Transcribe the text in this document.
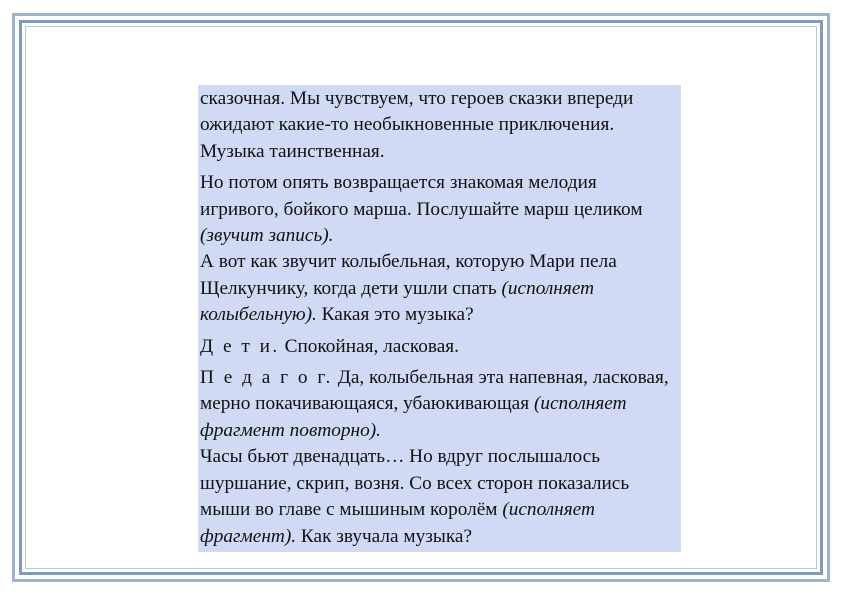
сказочная. Мы чувствуем, что героев сказки впереди ожидают какие-то необыкновенные приключения. Музыка таинственная.

Но потом опять возвращается знакомая мелодия игривого, бойкого марша. Послушайте марш целиком (звучит запись).

А вот как звучит колыбельная, которую Мари пела Щелкунчику, когда дети ушли спать (исполняет колыбельную). Какая это музыка?

Д е т и. Спокойная, ласковая.

П е д а г о г. Да, колыбельная эта напевная, ласковая, мерно покачивающаяся, убаюкивающая (исполняет фрагмент повторно).

Часы бьют двенадцать… Но вдруг послышалось шуршание, скрип, возня. Со всех сторон показались мыши во главе с мышиным королём (исполняет фрагмент). Как звучала музыка?
